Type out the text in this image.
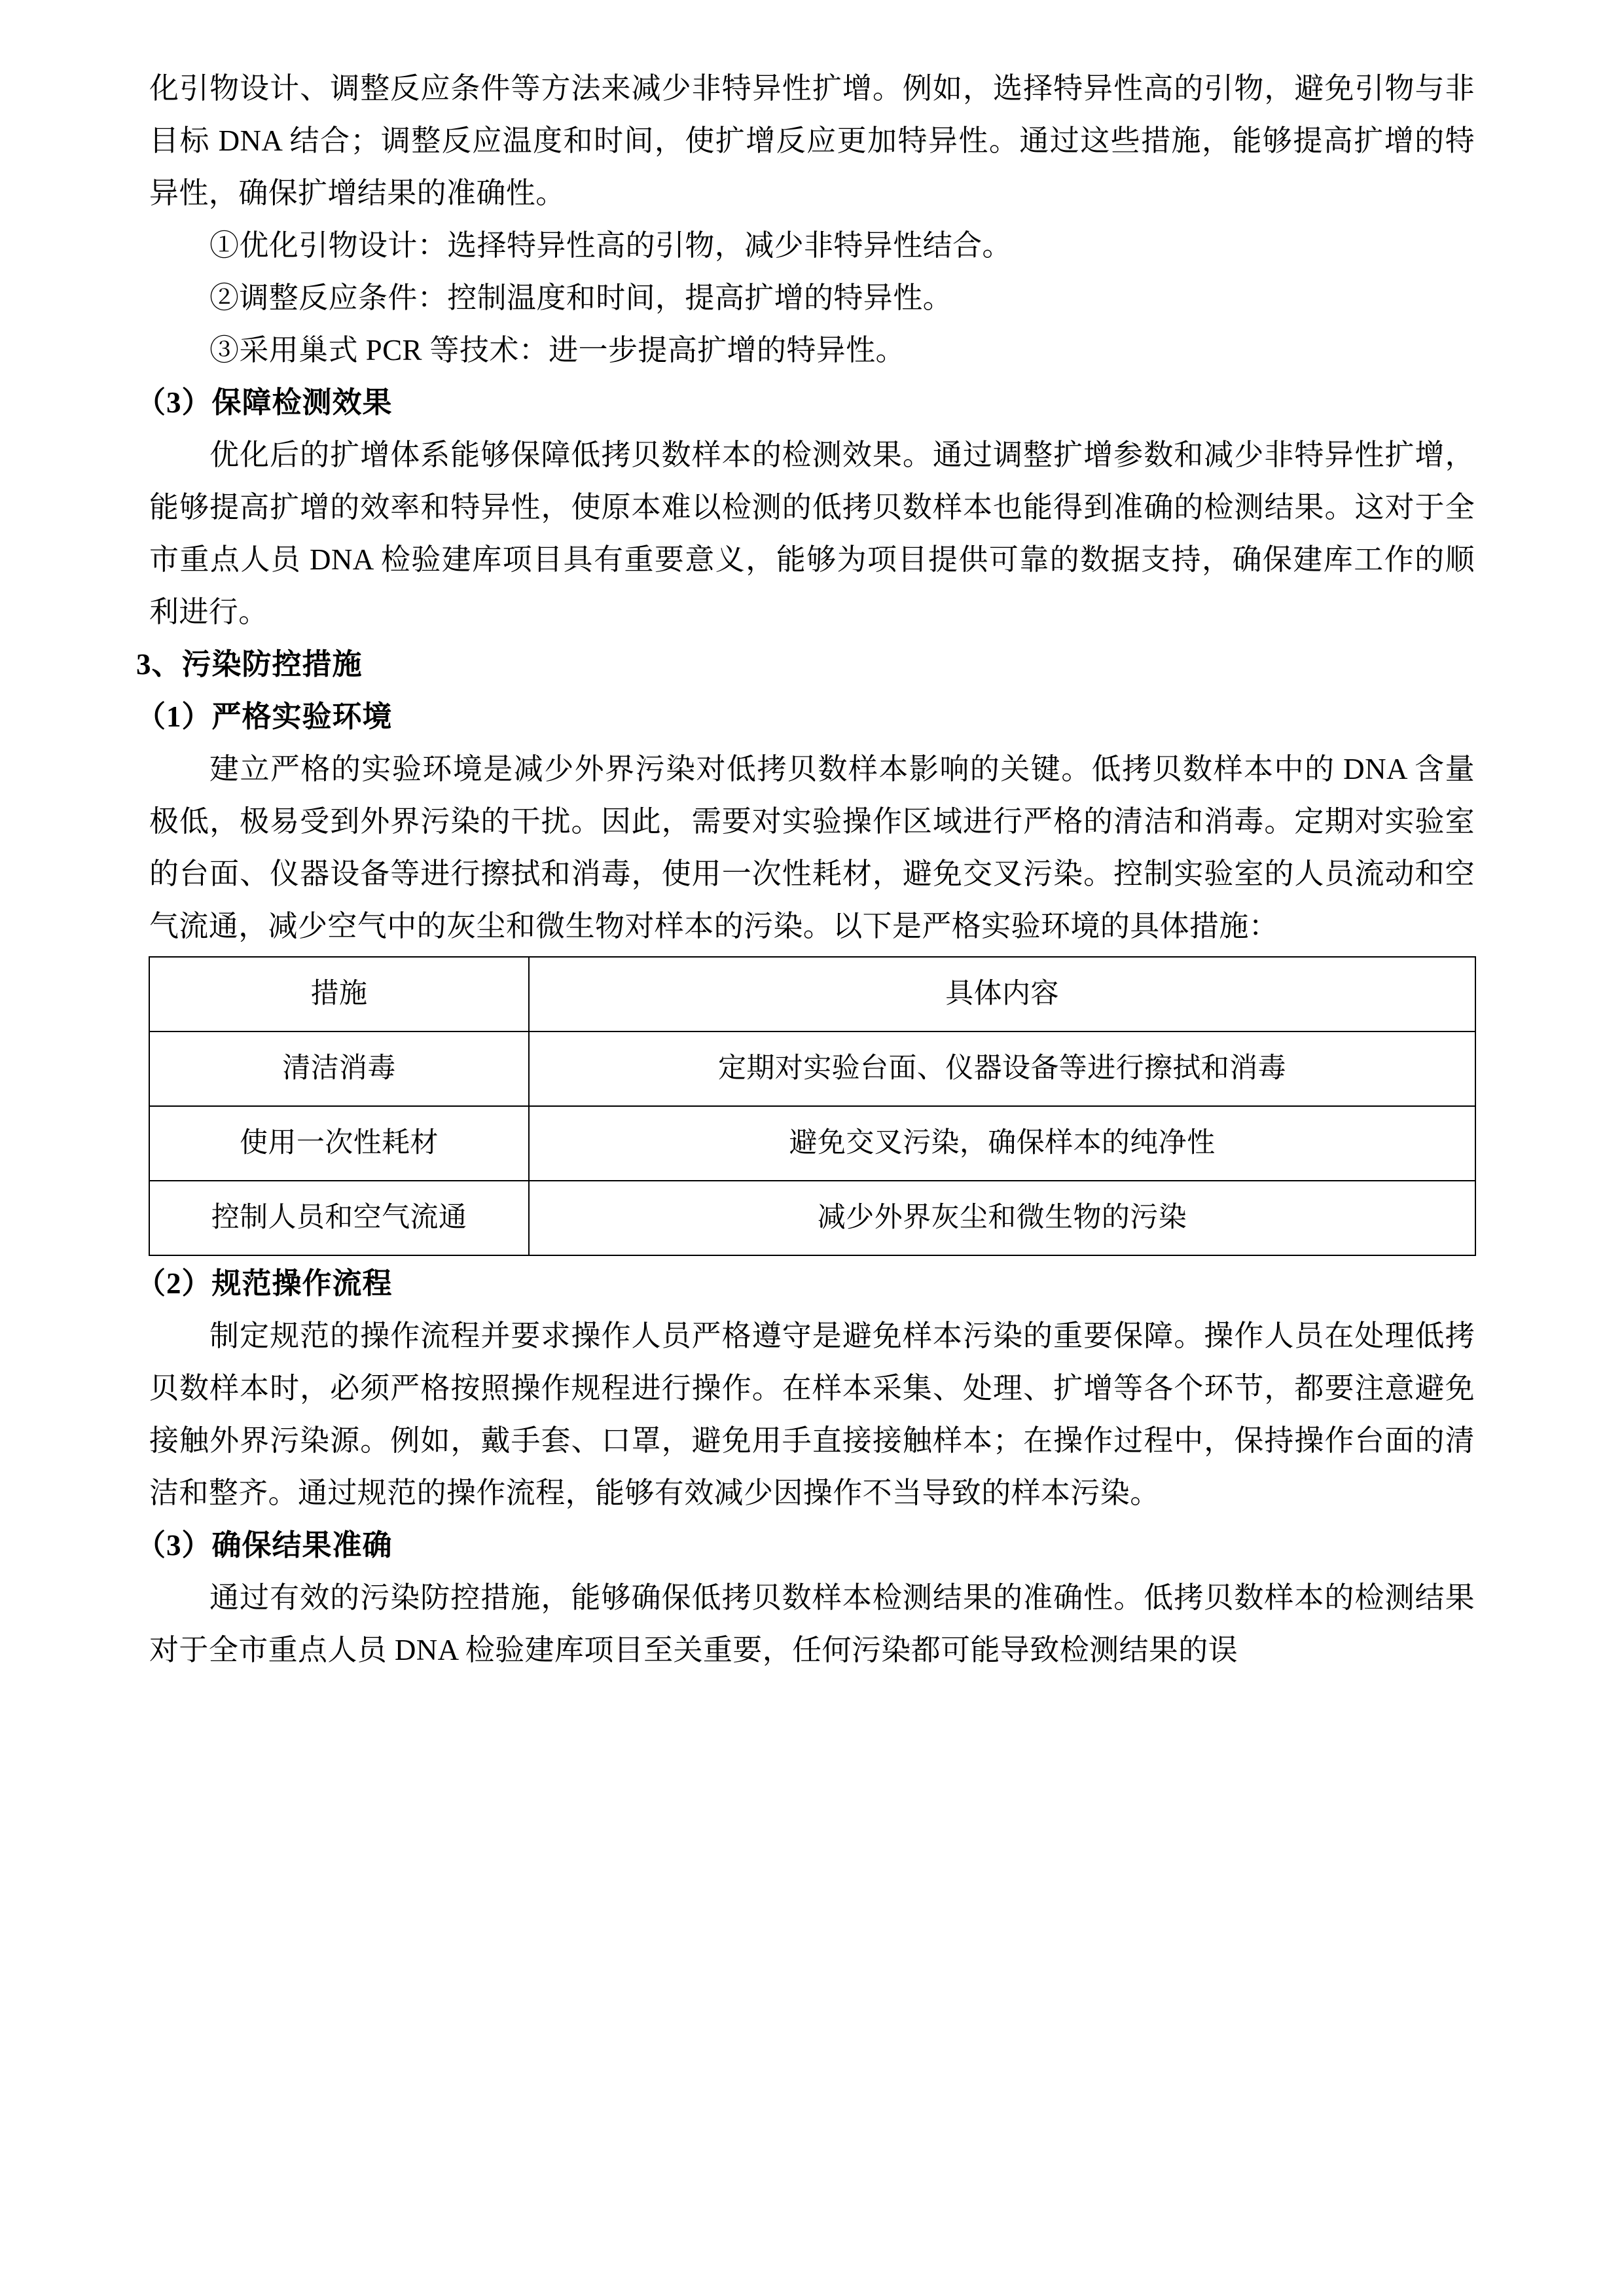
化引物设计、调整反应条件等方法来减少非特异性扩增。例如，选择特异性高的引物，避免引物与非目标 DNA 结合；调整反应温度和时间，使扩增反应更加特异性。通过这些措施，能够提高扩增的特异性，确保扩增结果的准确性。

①优化引物设计：选择特异性高的引物，减少非特异性结合。

②调整反应条件：控制温度和时间，提高扩增的特异性。

③采用巢式 PCR 等技术：进一步提高扩增的特异性。

（3）保障检测效果

优化后的扩增体系能够保障低拷贝数样本的检测效果。通过调整扩增参数和减少非特异性扩增，能够提高扩增的效率和特异性，使原本难以检测的低拷贝数样本也能得到准确的检测结果。这对于全市重点人员 DNA 检验建库项目具有重要意义，能够为项目提供可靠的数据支持，确保建库工作的顺利进行。

3、污染防控措施

（1）严格实验环境

建立严格的实验环境是减少外界污染对低拷贝数样本影响的关键。低拷贝数样本中的 DNA 含量极低，极易受到外界污染的干扰。因此，需要对实验操作区域进行严格的清洁和消毒。定期对实验室的台面、仪器设备等进行擦拭和消毒，使用一次性耗材，避免交叉污染。控制实验室的人员流动和空气流通，减少空气中的灰尘和微生物对样本的污染。以下是严格实验环境的具体措施：

措施	具体内容
清洁消毒	定期对实验台面、仪器设备等进行擦拭和消毒
使用一次性耗材	避免交叉污染，确保样本的纯净性
控制人员和空气流通	减少外界灰尘和微生物的污染

（2）规范操作流程

制定规范的操作流程并要求操作人员严格遵守是避免样本污染的重要保障。操作人员在处理低拷贝数样本时，必须严格按照操作规程进行操作。在样本采集、处理、扩增等各个环节，都要注意避免接触外界污染源。例如，戴手套、口罩，避免用手直接接触样本；在操作过程中，保持操作台面的清洁和整齐。通过规范的操作流程，能够有效减少因操作不当导致的样本污染。

（3）确保结果准确

通过有效的污染防控措施，能够确保低拷贝数样本检测结果的准确性。低拷贝数样本的检测结果对于全市重点人员 DNA 检验建库项目至关重要，任何污染都可能导致检测结果的误
